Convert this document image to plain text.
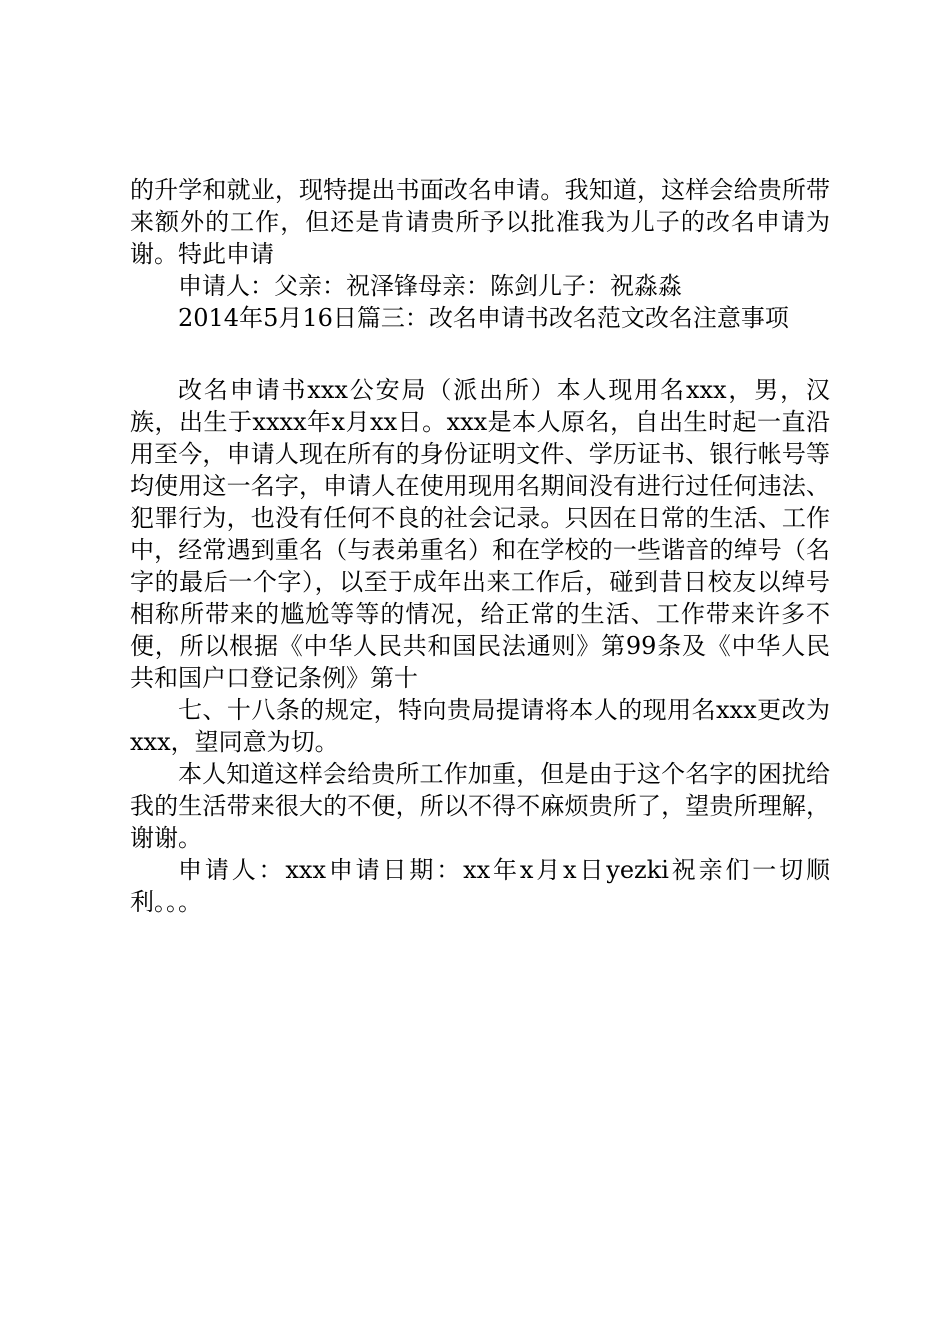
的升学和就业，现特提出书面改名申请。我知道，这样会给贵所带来额外的工作，但还是肯请贵所予以批准我为儿子的改名申请为谢。特此申请

申请人：父亲：祝泽锋母亲：陈剑儿子：祝淼淼

2014年5月16日篇三：改名申请书改名范文改名注意事项

改名申请书xxx公安局（派出所）本人现用名xxx，男，汉族，出生于xxxx年x月xx日。xxx是本人原名，自出生时起一直沿用至今，申请人现在所有的身份证明文件、学历证书、银行帐号等均使用这一名字，申请人在使用现用名期间没有进行过任何违法、犯罪行为，也没有任何不良的社会记录。只因在日常的生活、工作中，经常遇到重名（与表弟重名）和在学校的一些谐音的绰号（名字的最后一个字），以至于成年出来工作后，碰到昔日校友以绰号相称所带来的尴尬等等的情况，给正常的生活、工作带来许多不便，所以根据《中华人民共和国民法通则》第99条及《中华人民共和国户口登记条例》第十

七、十八条的规定，特向贵局提请将本人的现用名xxx更改为xxx，望同意为切。

本人知道这样会给贵所工作加重，但是由于这个名字的困扰给我的生活带来很大的不便，所以不得不麻烦贵所了，望贵所理解，谢谢。

申请人：xxx申请日期：xx年x月x日yezki祝亲们一切顺利。。。
